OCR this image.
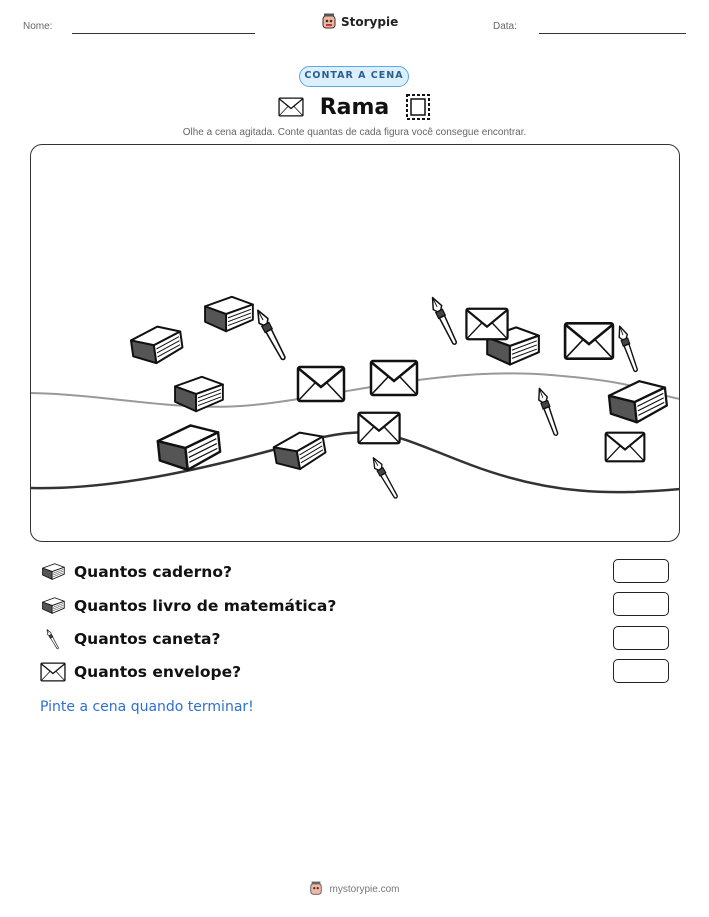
Nome:	Storypie	Data:
CONTAR A CENA
Rama
Olhe a cena agitada. Conte quantas de cada figura você consegue encontrar.
Quantos caderno?
Quantos livro de matemática?
Quantos caneta?
Quantos envelope?
Pinte a cena quando terminar!
mystorypie.com
